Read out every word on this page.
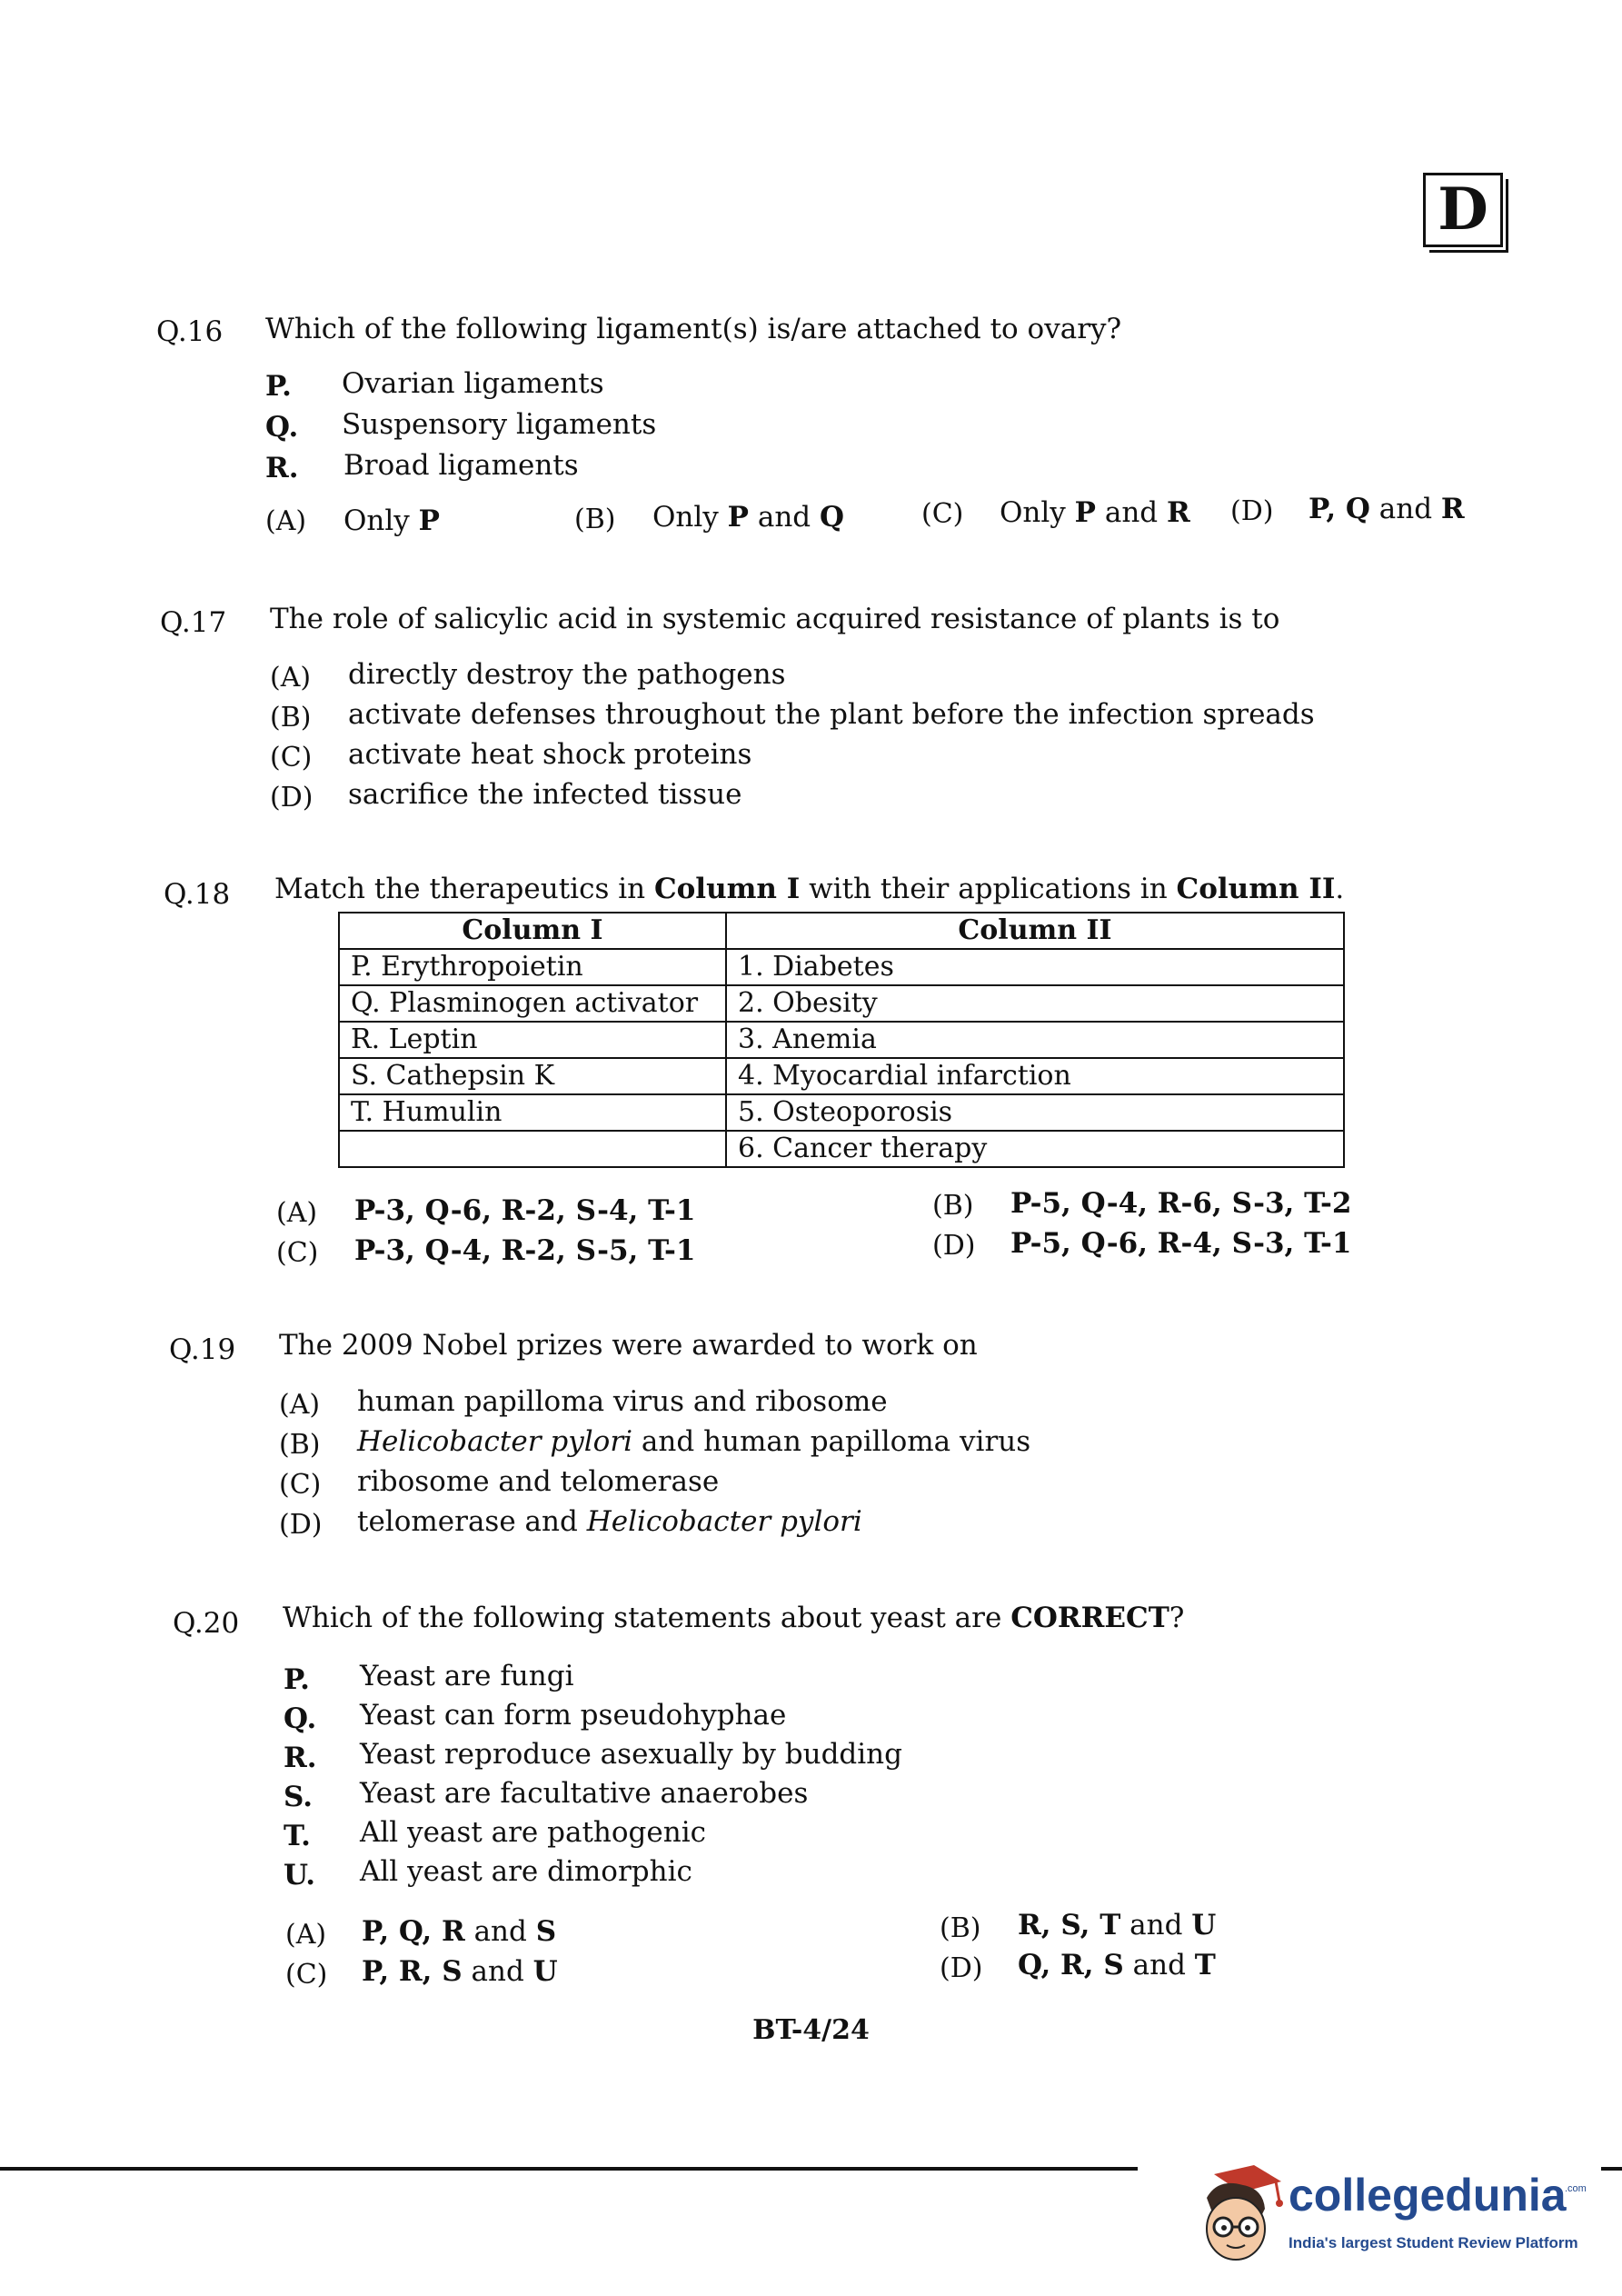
D
Q.16 Which of the following ligament(s) is/are attached to ovary?
P. Ovarian ligaments
Q. Suspensory ligaments
R. Broad ligaments
(A) Only P	(B) Only P and Q	(C) Only P and R (D) P, Q and R
Q.17 The role of salicylic acid in systemic acquired resistance of plants is to
(A) directly destroy the pathogens
(B) activate defenses throughout the plant before the infection spreads
(C) activate heat shock proteins
(D) sacrifice the infected tissue
Q.18 Match the therapeutics in Column I with their applications in Column II.
Column I	Column II
P. Erythropoietin	1. Diabetes
Q. Plasminogen activator	2. Obesity
R. Leptin	3. Anemia
S. Cathepsin K	4. Myocardial infarction
T. Humulin	5. Osteoporosis
	6. Cancer therapy
(A) P-3, Q-6, R-2, S-4, T-1	(B) P-5, Q-4, R-6, S-3, T-2
(C) P-3, Q-4, R-2, S-5, T-1	(D) P-5, Q-6, R-4, S-3, T-1
Q.19 The 2009 Nobel prizes were awarded to work on
(A) human papilloma virus and ribosome
(B) Helicobacter pylori and human papilloma virus
(C) ribosome and telomerase
(D) telomerase and Helicobacter pylori
Q.20 Which of the following statements about yeast are CORRECT?
P. Yeast are fungi
Q. Yeast can form pseudohyphae
R. Yeast reproduce asexually by budding
S. Yeast are facultative anaerobes
T. All yeast are pathogenic
U. All yeast are dimorphic
(A) P, Q, R and S	(B) R, S, T and U
(C) P, R, S and U	(D) Q, R, S and T
BT-4/24
collegedunia
.com
India's largest Student Review Platform
